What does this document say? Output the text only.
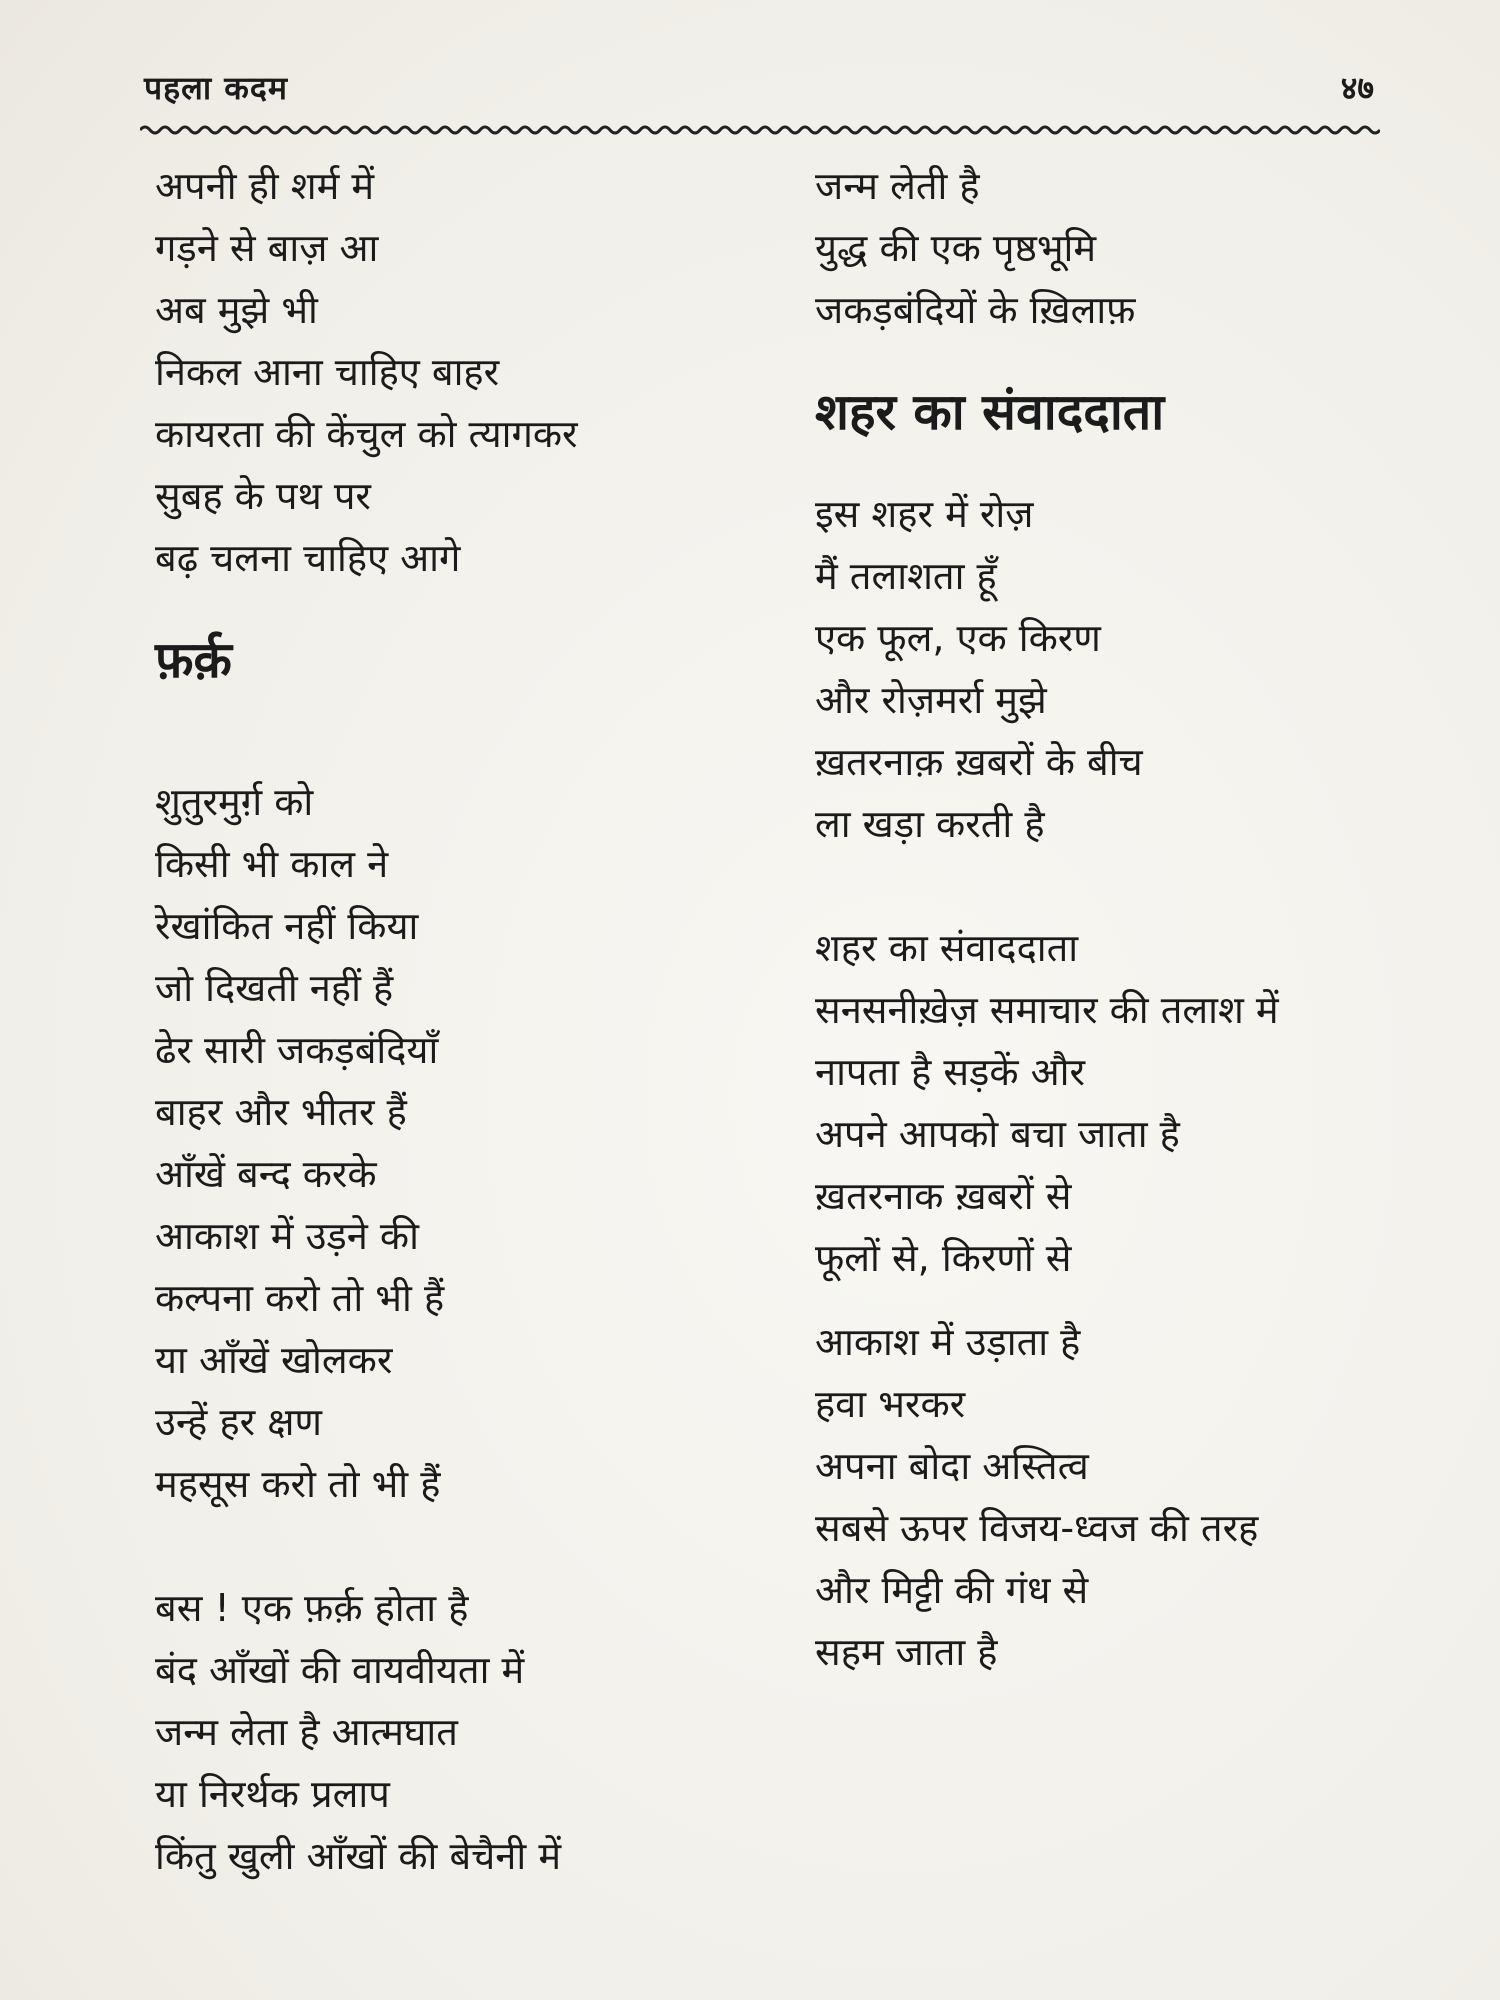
पहला कदम	४७
अपनी ही शर्म में
गड़ने से बाज़ आ
अब मुझे भी
निकल आना चाहिए बाहर
कायरता की केंचुल को त्यागकर
सुबह के पथ पर
बढ़ चलना चाहिए आगे
फ़र्क़
शुतुरमुर्ग़ को
किसी भी काल ने
रेखांकित नहीं किया
जो दिखती नहीं हैं
ढेर सारी जकड़बंदियाँ
बाहर और भीतर हैं
आँखें बन्द करके
आकाश में उड़ने की
कल्पना करो तो भी हैं
या आँखें खोलकर
उन्हें हर क्षण
महसूस करो तो भी हैं
बस ! एक फ़र्क़ होता है
बंद आँखों की वायवीयता में
जन्म लेता है आत्मघात
या निरर्थक प्रलाप
किंतु खुली आँखों की बेचैनी में
जन्म लेती है
युद्ध की एक पृष्ठभूमि
जकड़बंदियों के ख़िलाफ़
शहर का संवाददाता
इस शहर में रोज़
मैं तलाशता हूँ
एक फूल, एक किरण
और रोज़मर्रा मुझे
ख़तरनाक़ ख़बरों के बीच
ला खड़ा करती है
शहर का संवाददाता
सनसनीख़ेज़ समाचार की तलाश में
नापता है सड़कें और
अपने आपको बचा जाता है
ख़तरनाक ख़बरों से
फूलों से, किरणों से
आकाश में उड़ाता है
हवा भरकर
अपना बोदा अस्तित्व
सबसे ऊपर विजय-ध्वज की तरह
और मिट्टी की गंध से
सहम जाता है
